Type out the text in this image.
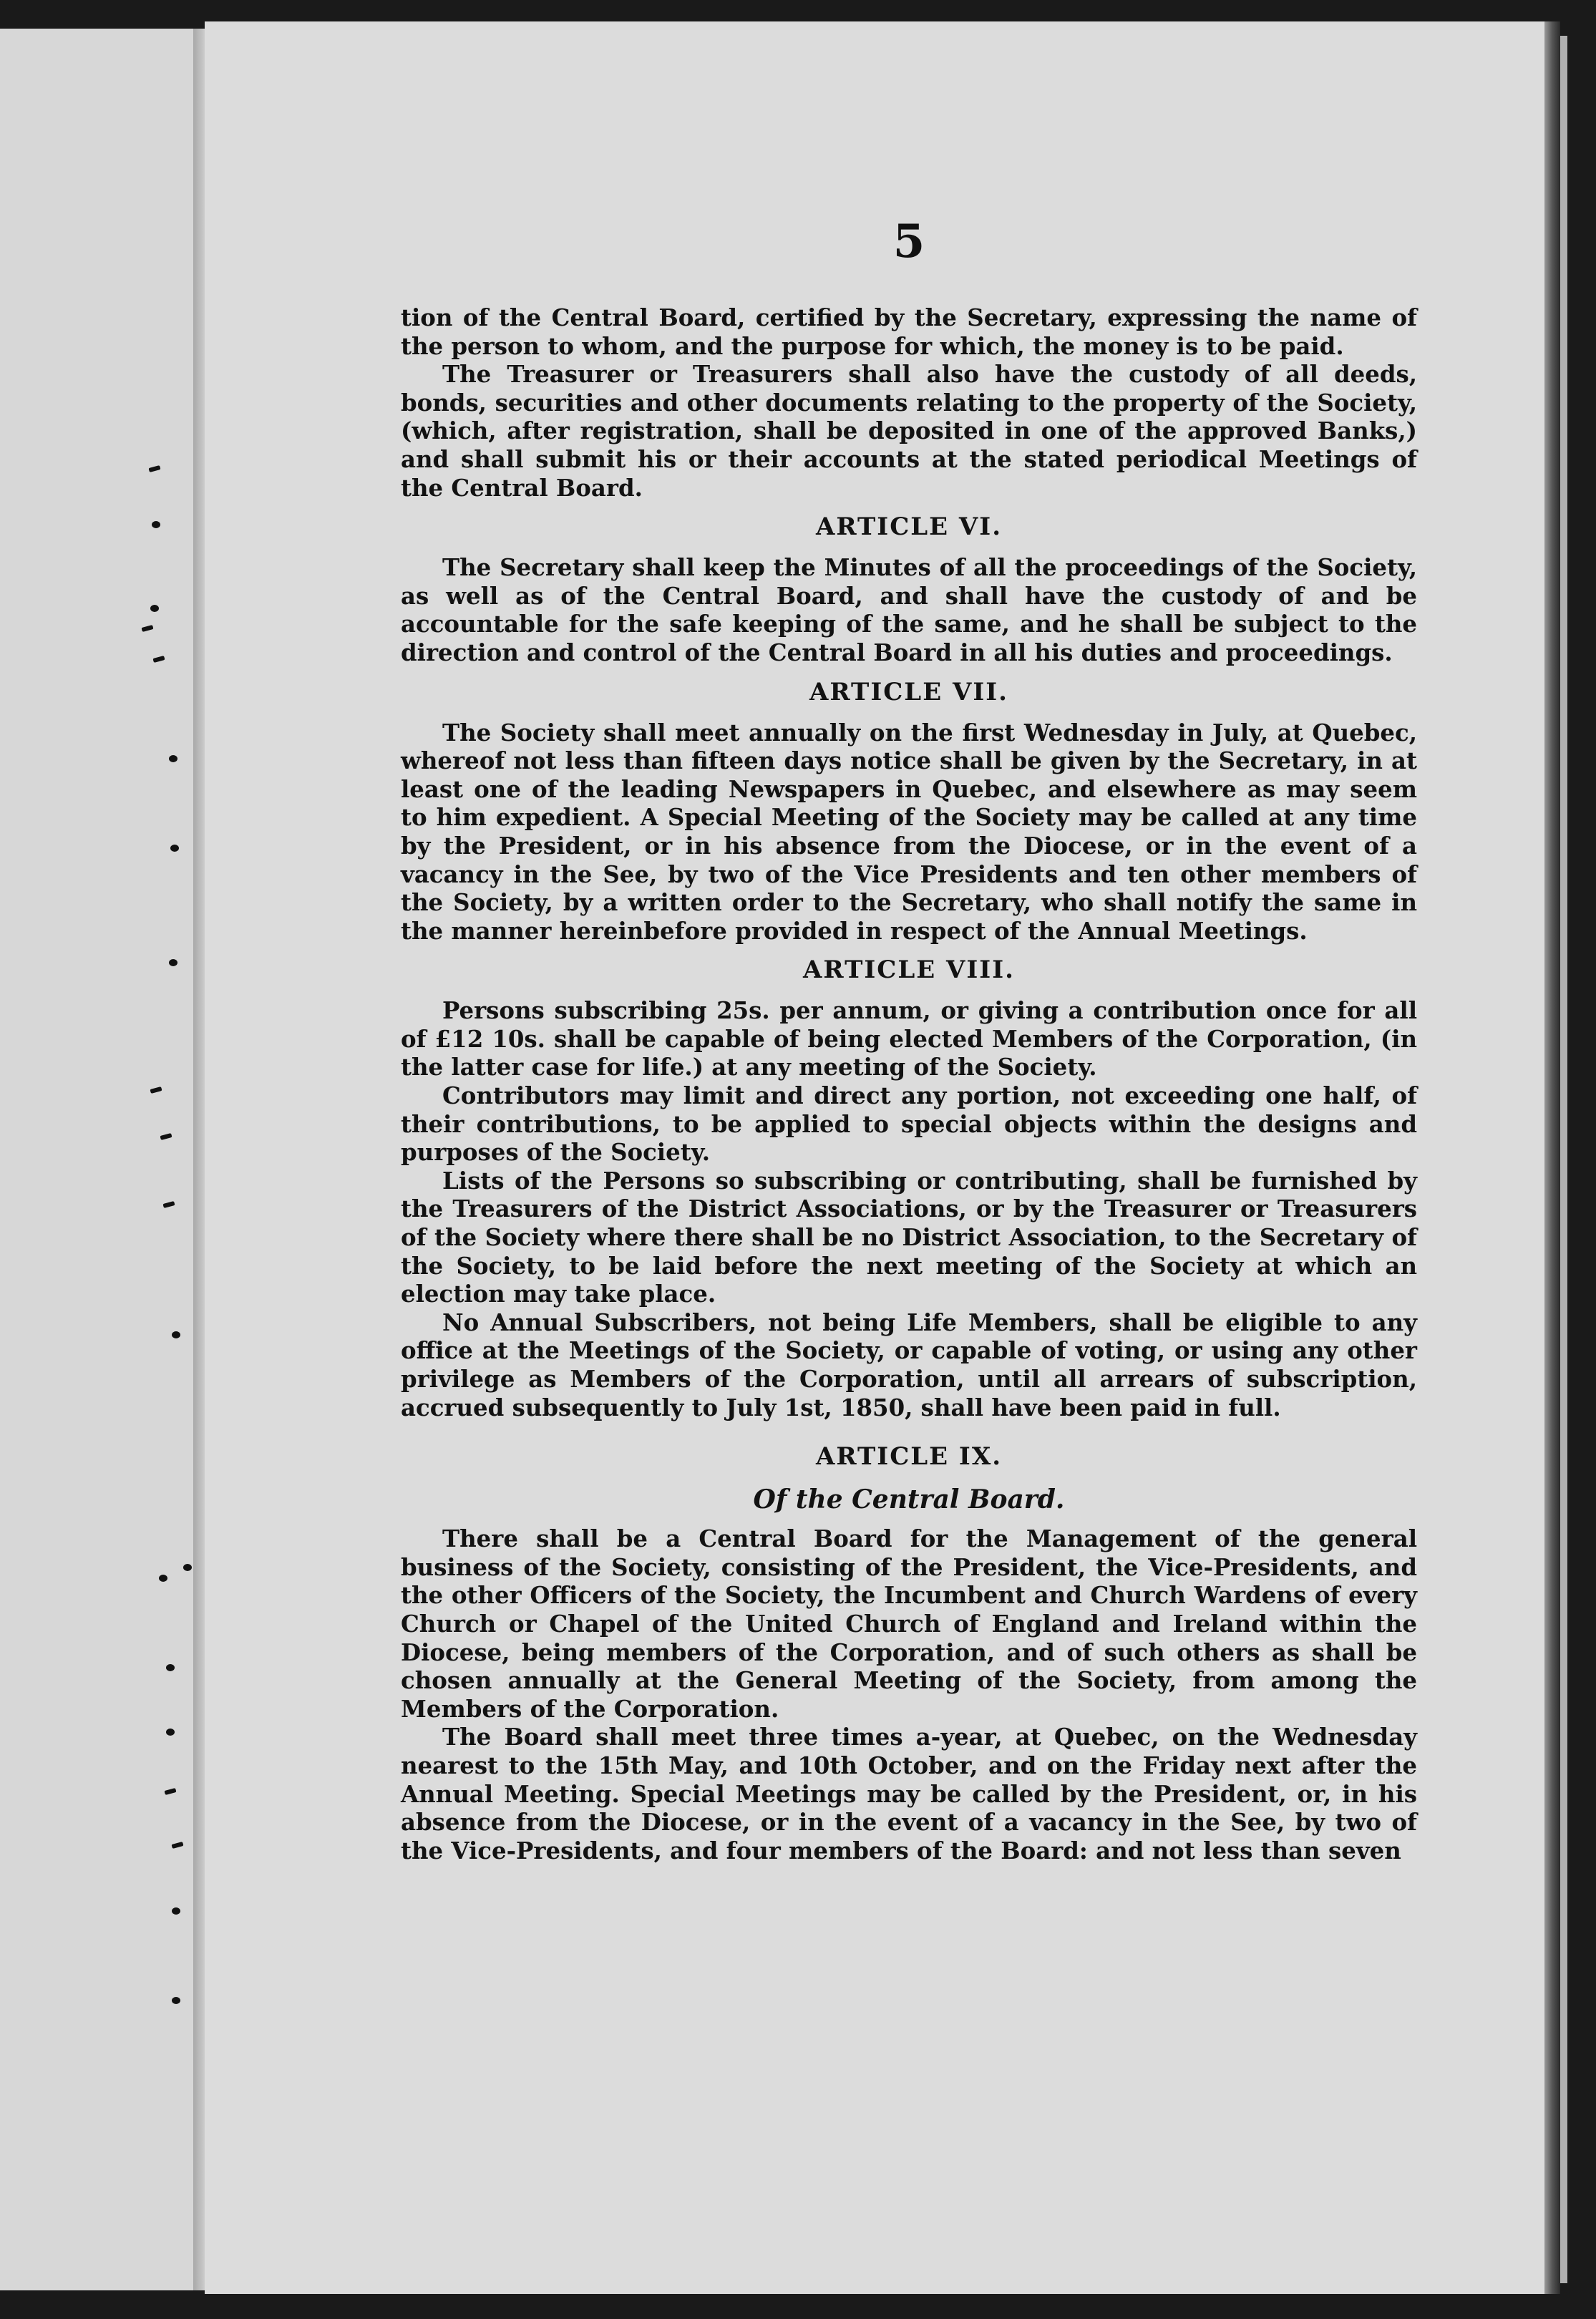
5

tion of the Central Board, certified by the Secretary, expressing the name of the person to whom, and the purpose for which, the money is to be paid.

The Treasurer or Treasurers shall also have the custody of all deeds, bonds, securities and other documents relating to the property of the Society, (which, after registration, shall be deposited in one of the approved Banks,) and shall submit his or their accounts at the stated periodical Meetings of the Central Board.

ARTICLE VI.

The Secretary shall keep the Minutes of all the proceedings of the Society, as well as of the Central Board, and shall have the custody of and be accountable for the safe keeping of the same, and he shall be subject to the direction and control of the Central Board in all his duties and proceedings.

ARTICLE VII.

The Society shall meet annually on the first Wednesday in July, at Quebec, whereof not less than fifteen days notice shall be given by the Secretary, in at least one of the leading Newspapers in Quebec, and elsewhere as may seem to him expedient. A Special Meeting of the Society may be called at any time by the President, or in his absence from the Diocese, or in the event of a vacancy in the See, by two of the Vice Presidents and ten other members of the Society, by a written order to the Secretary, who shall notify the same in the manner hereinbefore provided in respect of the Annual Meetings.

ARTICLE VIII.

Persons subscribing 25s. per annum, or giving a contribution once for all of £12 10s. shall be capable of being elected Members of the Corporation, (in the latter case for life.) at any meeting of the Society.

Contributors may limit and direct any portion, not exceeding one half, of their contributions, to be applied to special objects within the designs and purposes of the Society.

Lists of the Persons so subscribing or contributing, shall be furnished by the Treasurers of the District Associations, or by the Treasurer or Treasurers of the Society where there shall be no District Association, to the Secretary of the Society, to be laid before the next meeting of the Society at which an election may take place.

No Annual Subscribers, not being Life Members, shall be eligible to any office at the Meetings of the Society, or capable of voting, or using any other privilege as Members of the Corporation, until all arrears of subscription, accrued subsequently to July 1st, 1850, shall have been paid in full.

ARTICLE IX.
Of the Central Board.

There shall be a Central Board for the Management of the general business of the Society, consisting of the President, the Vice-Presidents, and the other Officers of the Society, the Incumbent and Church Wardens of every Church or Chapel of the United Church of England and Ireland within the Diocese, being members of the Corporation, and of such others as shall be chosen annually at the General Meeting of the Society, from among the Members of the Corporation.

The Board shall meet three times a-year, at Quebec, on the Wednesday nearest to the 15th May, and 10th October, and on the Friday next after the Annual Meeting. Special Meetings may be called by the President, or, in his absence from the Diocese, or in the event of a vacancy in the See, by two of the Vice-Presidents, and four members of the Board: and not less than seven
